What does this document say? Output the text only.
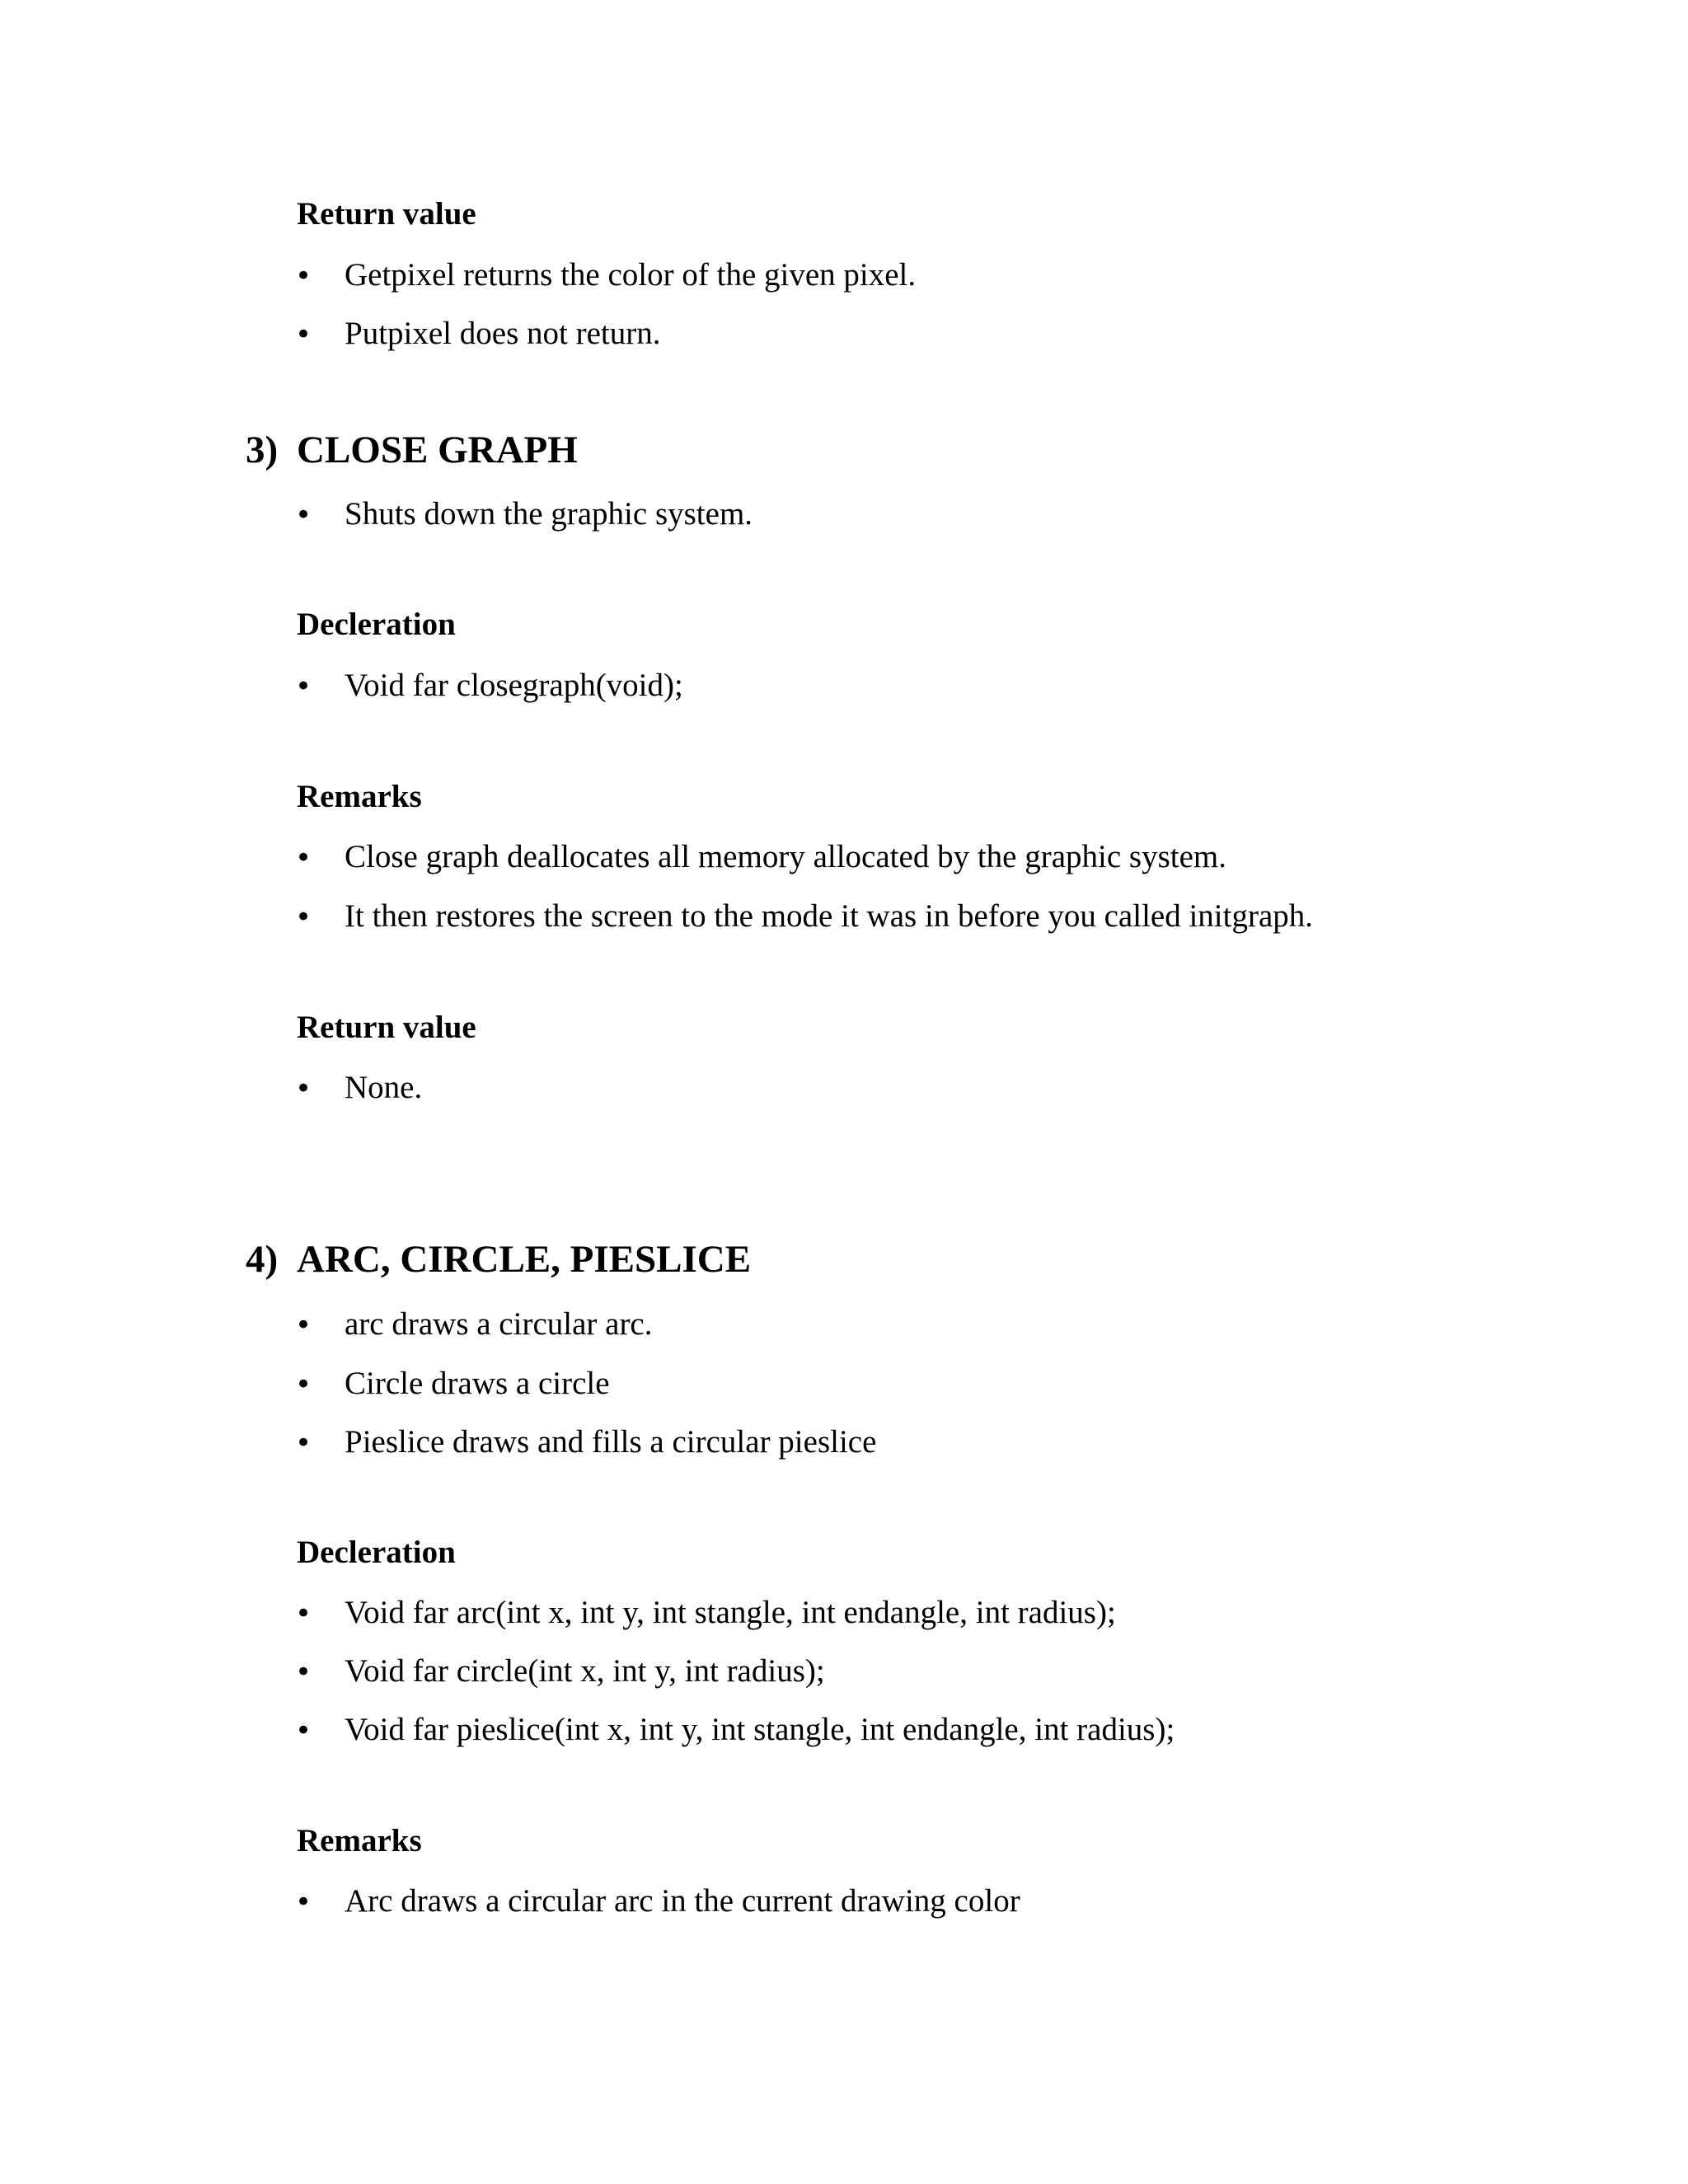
Return value
• Getpixel returns the color of the given pixel.
• Putpixel does not return.
3) CLOSE GRAPH
• Shuts down the graphic system.
Decleration
• Void far closegraph(void);
Remarks
• Close graph deallocates all memory allocated by the graphic system.
• It then restores the screen to the mode it was in before you called initgraph.
Return value
• None.
4) ARC, CIRCLE, PIESLICE
• arc draws a circular arc.
• Circle draws a circle
• Pieslice draws and fills a circular pieslice
Decleration
• Void far arc(int x, int y, int stangle, int endangle, int radius);
• Void far circle(int x, int y, int radius);
• Void far pieslice(int x, int y, int stangle, int endangle, int radius);
Remarks
• Arc draws a circular arc in the current drawing color
